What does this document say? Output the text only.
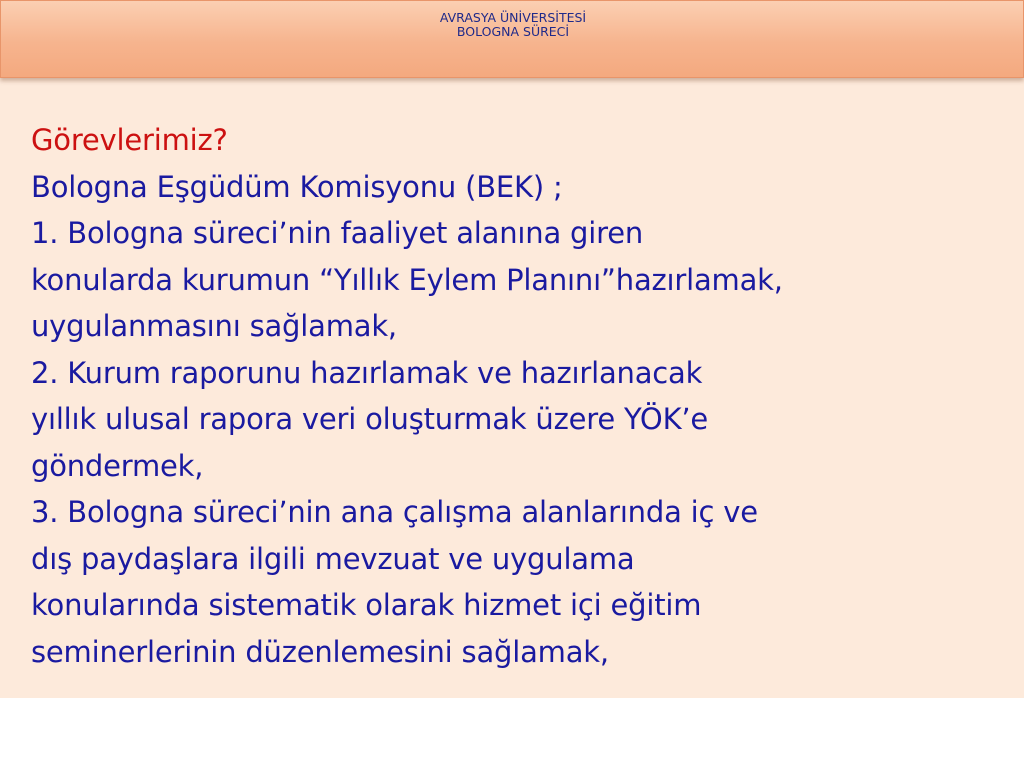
AVRASYA ÜNİVERSİTESİ
BOLOGNA SÜRECİ
Görevlerimiz?
Bologna Eşgüdüm Komisyonu (BEK) ;
1. Bologna süreci’nin faaliyet alanına giren
konularda kurumun “Yıllık Eylem Planını”hazırlamak,
uygulanmasını sağlamak,
2. Kurum raporunu hazırlamak ve hazırlanacak
yıllık ulusal rapora veri oluşturmak üzere YÖK’e
göndermek,
3. Bologna süreci’nin ana çalışma alanlarında iç ve
dış paydaşlara ilgili mevzuat ve uygulama
konularında sistematik olarak hizmet içi eğitim
seminerlerinin düzenlemesini sağlamak,
